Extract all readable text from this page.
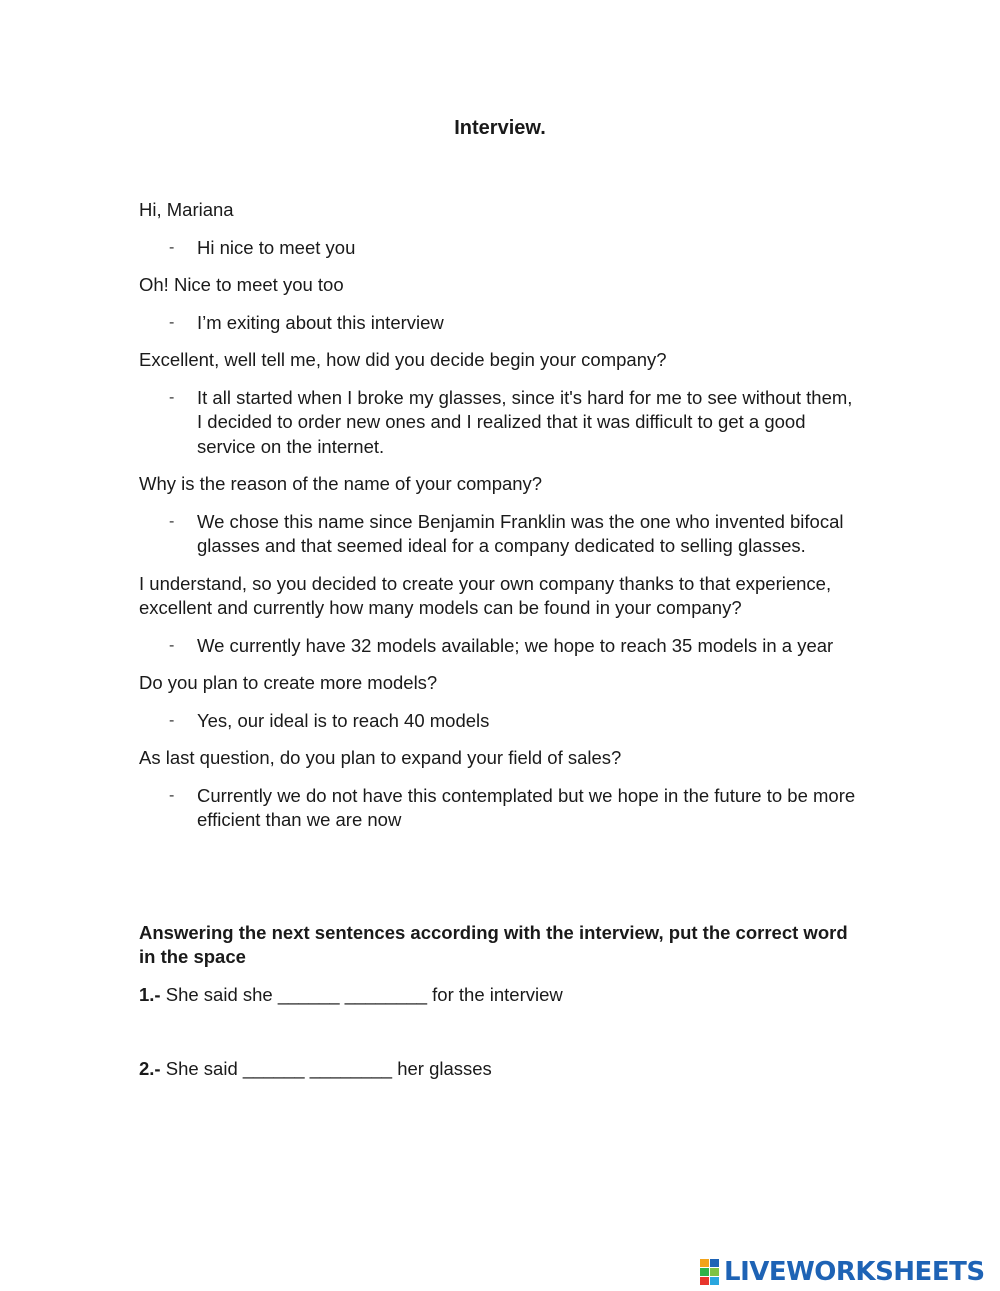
Interview.

Hi, Mariana

- Hi nice to meet you

Oh! Nice to meet you too

- I’m exiting about this interview

Excellent, well tell me, how did you decide begin your company?

- It all started when I broke my glasses, since it's hard for me to see without them, I decided to order new ones and I realized that it was difficult to get a good service on the internet.

Why is the reason of the name of your company?

- We chose this name since Benjamin Franklin was the one who invented bifocal glasses and that seemed ideal for a company dedicated to selling glasses.

I understand, so you decided to create your own company thanks to that experience, excellent and currently how many models can be found in your company?

- We currently have 32 models available; we hope to reach 35 models in a year

Do you plan to create more models?

- Yes, our ideal is to reach 40 models

As last question, do you plan to expand your field of sales?

- Currently we do not have this contemplated but we hope in the future to be more efficient than we are now

Answering the next sentences according with the interview, put the correct word in the space

1.- She said she ______ ________ for the interview

2.- She said ______ ________ her glasses

LIVEWORKSHEETS
